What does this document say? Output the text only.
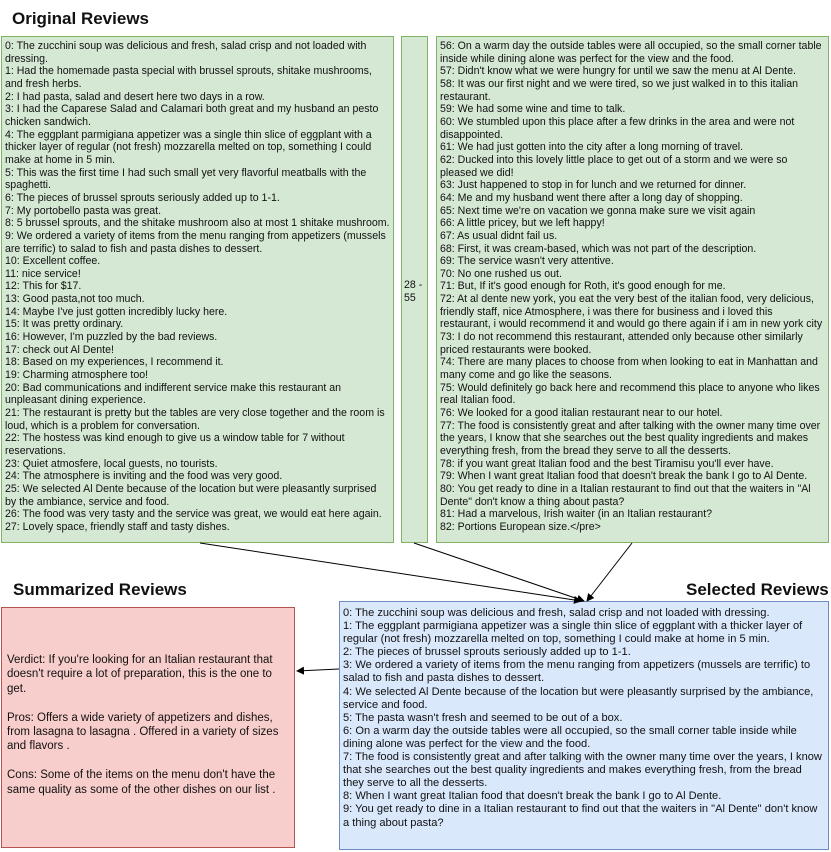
Original Reviews
0: The zucchini soup was delicious and fresh, salad crisp and not loaded with dressing.
1: Had the homemade pasta special with brussel sprouts, shitake mushrooms, and fresh herbs.
2: I had pasta, salad and desert here two days in a row.
3: I had the Caparese Salad and Calamari both great and my husband an pesto chicken sandwich.
4: The eggplant parmigiana appetizer was a single thin slice of eggplant with a thicker layer of regular (not fresh) mozzarella melted on top, something I could make at home in 5 min.
5: This was the first time I had such small yet very flavorful meatballs with the spaghetti.
6: The pieces of brussel sprouts seriously added up to 1-1.
7: My portobello pasta was great.
8: 5 brussel sprouts, and the shitake mushroom also at most 1 shitake mushroom.
9: We ordered a variety of items from the menu ranging from appetizers (mussels are terrific) to salad to fish and pasta dishes to dessert.
10: Excellent coffee.
11: nice service!
12: This for $17.
13: Good pasta,not too much.
14: Maybe I've just gotten incredibly lucky here.
15: It was pretty ordinary.
16: However, I'm puzzled by the bad reviews.
17: check out Al Dente!
18: Based on my experiences, I recommend it.
19: Charming atmosphere too!
20: Bad communications and indifferent service make this restaurant an unpleasant dining experience.
21: The restaurant is pretty but the tables are very close together and the room is loud, which is a problem for conversation.
22: The hostess was kind enough to give us a window table for 7 without reservations.
23: Quiet atmosfere, local guests, no tourists.
24: The atmosphere is inviting and the food was very good.
25: We selected Al Dente because of the location but were pleasantly surprised by the ambiance, service and food.
26: The food was very tasty and the service was great, we would eat here again.
27: Lovely space, friendly staff and tasty dishes.
28 - 55
56: On a warm day the outside tables were all occupied, so the small corner table inside while dining alone was perfect for the view and the food.
57: Didn't know what we were hungry for until we saw the menu at Al Dente.
58: It was our first night and we were tired, so we just walked in to this italian restaurant.
59: We had some wine and time to talk.
60: We stumbled upon this place after a few drinks in the area and were not disappointed.
61: We had just gotten into the city after a long morning of travel.
62: Ducked into this lovely little place to get out of a storm and we were so pleased we did!
63: Just happened to stop in for lunch and we returned for dinner.
64: Me and my husband went there after a long day of shopping.
65: Next time we're on vacation we gonna make sure we visit again
66: A little pricey, but we left happy!
67: As usual didnt fail us.
68: First, it was cream-based, which was not part of the description.
69: The service wasn't very attentive.
70: No one rushed us out.
71: But, If it's good enough for Roth, it's good enough for me.
72: At al dente new york, you eat the very best of the italian food, very delicious, friendly staff, nice Atmosphere, i was there for business and i loved this restaurant, i would recommend it and would go there again if i am in new york city
73: I do not recommend this restaurant, attended only because other similarly priced restaurants were booked.
74: There are many places to choose from when looking to eat in Manhattan and many come and go like the seasons.
75: Would definitely go back here and recommend this place to anyone who likes real Italian food.
76: We looked for a good italian restaurant near to our hotel.
77: The food is consistently great and after talking with the owner many time over the years, I know that she searches out the best quality ingredients and makes everything fresh, from the bread they serve to all the desserts.
78: if you want great Italian food and the best Tiramisu you'll ever have.
79: When I want great Italian food that doesn't break the bank I go to Al Dente.
80: You get ready to dine in a Italian restaurant to find out that the waiters in "Al Dente" don't know a thing about pasta?
81: Had a marvelous, Irish waiter (in an Italian restaurant?
82: Portions European size.</pre>
Summarized Reviews	Selected Reviews

Verdict: If you're looking for an Italian restaurant that doesn't require a lot of preparation, this is the one to get.

Pros: Offers a wide variety of appetizers and dishes, from lasagna to lasagna . Offered in a variety of sizes and flavors .

Cons: Some of the items on the menu don't have the same quality as some of the other dishes on our list .

0: The zucchini soup was delicious and fresh, salad crisp and not loaded with dressing.
1: The eggplant parmigiana appetizer was a single thin slice of eggplant with a thicker layer of regular (not fresh) mozzarella melted on top, something I could make at home in 5 min.
2: The pieces of brussel sprouts seriously added up to 1-1.
3: We ordered a variety of items from the menu ranging from appetizers (mussels are terrific) to salad to fish and pasta dishes to dessert.
4: We selected Al Dente because of the location but were pleasantly surprised by the ambiance, service and food.
5: The pasta wasn't fresh and seemed to be out of a box.
6: On a warm day the outside tables were all occupied, so the small corner table inside while dining alone was perfect for the view and the food.
7: The food is consistently great and after talking with the owner many time over the years, I know that she searches out the best quality ingredients and makes everything fresh, from the bread they serve to all the desserts.
8: When I want great Italian food that doesn't break the bank I go to Al Dente.
9: You get ready to dine in a Italian restaurant to find out that the waiters in "Al Dente" don't know a thing about pasta?
